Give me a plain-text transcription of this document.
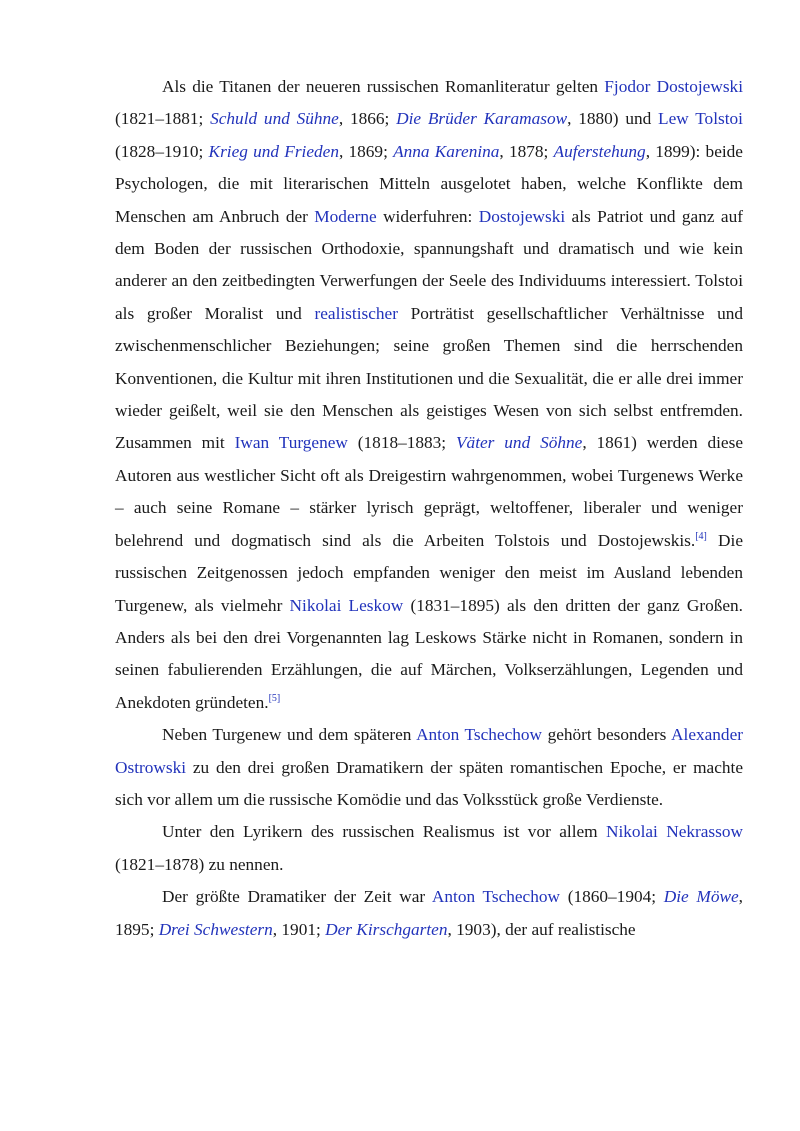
Als die Titanen der neueren russischen Romanliteratur gelten Fjodor Dostojewski (1821–1881; Schuld und Sühne, 1866; Die Brüder Karamasow, 1880) und Lew Tolstoi (1828–1910; Krieg und Frieden, 1869; Anna Karenina, 1878; Auferstehung, 1899): beide Psychologen, die mit literarischen Mitteln ausgelotet haben, welche Konflikte dem Menschen am Anbruch der Moderne widerfuhren: Dostojewski als Patriot und ganz auf dem Boden der russischen Orthodoxie, spannungshaft und dramatisch und wie kein anderer an den zeitbedingten Verwerfungen der Seele des Individuums interessiert. Tolstoi als großer Moralist und realistischer Porträtist gesellschaftlicher Verhältnisse und zwischenmenschlicher Beziehungen; seine großen Themen sind die herrschenden Konventionen, die Kultur mit ihren Institutionen und die Sexualität, die er alle drei immer wieder geißelt, weil sie den Menschen als geistiges Wesen von sich selbst entfremden. Zusammen mit Iwan Turgenew (1818–1883; Väter und Söhne, 1861) werden diese Autoren aus westlicher Sicht oft als Dreigestirn wahrgenommen, wobei Turgenews Werke – auch seine Romane – stärker lyrisch geprägt, weltoffener, liberaler und weniger belehrend und dogmatisch sind als die Arbeiten Tolstois und Dostojewskis.[4] Die russischen Zeitgenossen jedoch empfanden weniger den meist im Ausland lebenden Turgenew, als vielmehr Nikolai Leskow (1831–1895) als den dritten der ganz Großen. Anders als bei den drei Vorgenannten lag Leskows Stärke nicht in Romanen, sondern in seinen fabulierenden Erzählungen, die auf Märchen, Volkserzählungen, Legenden und Anekdoten gründeten.[5]

Neben Turgenew und dem späteren Anton Tschechow gehört besonders Alexander Ostrowski zu den drei großen Dramatikern der späten romantischen Epoche, er machte sich vor allem um die russische Komödie und das Volksstück große Verdienste.

Unter den Lyrikern des russischen Realismus ist vor allem Nikolai Nekrassow (1821–1878) zu nennen.

Der größte Dramatiker der Zeit war Anton Tschechow (1860–1904; Die Möwe, 1895; Drei Schwestern, 1901; Der Kirschgarten, 1903), der auf realistische
